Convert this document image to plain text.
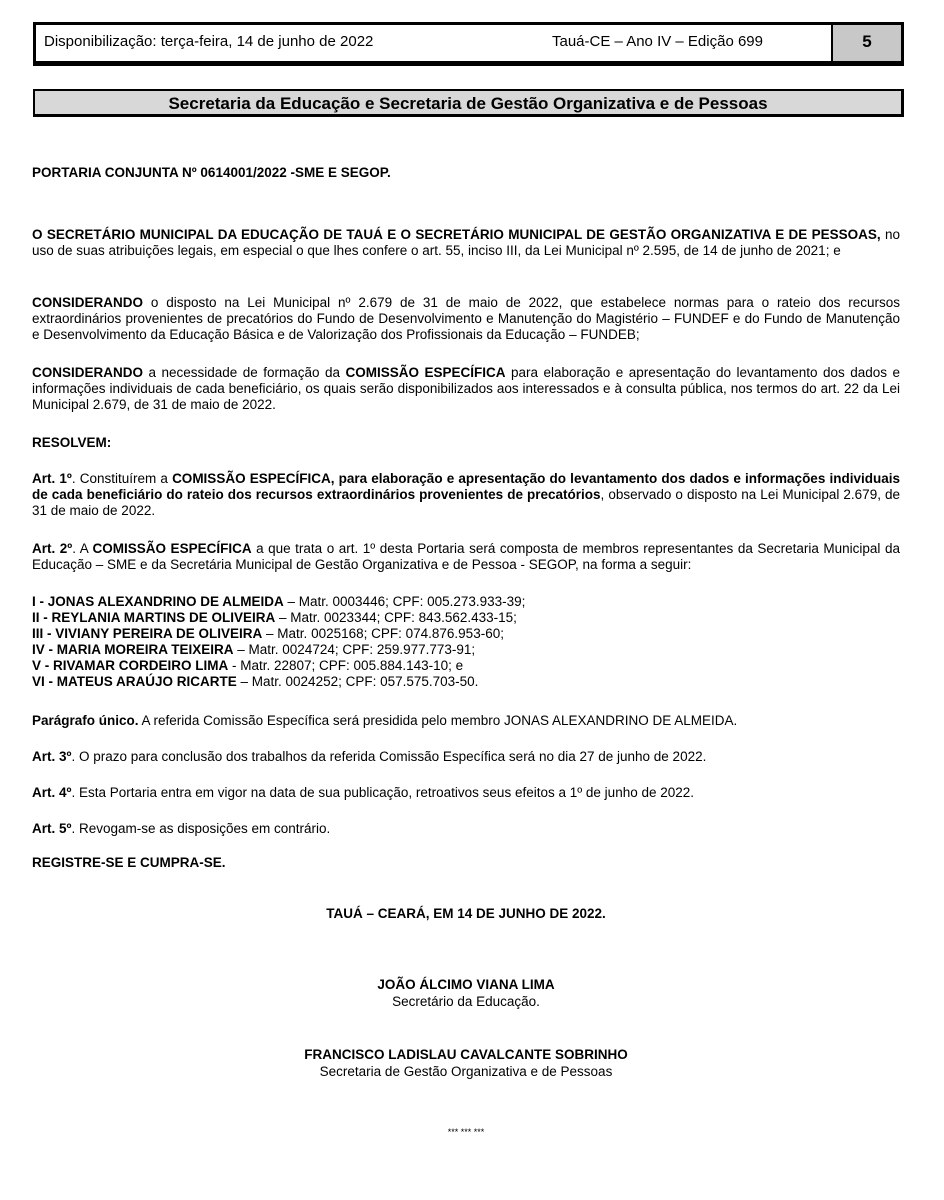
Disponibilização: terça-feira, 14 de junho de 2022	Tauá-CE – Ano IV – Edição 699	5
Secretaria da Educação e Secretaria de Gestão Organizativa e de Pessoas

PORTARIA CONJUNTA Nº 0614001/2022 -SME E SEGOP.

O SECRETÁRIO MUNICIPAL DA EDUCAÇÃO DE TAUÁ E O SECRETÁRIO MUNICIPAL DE GESTÃO ORGANIZATIVA E DE PESSOAS, no uso de suas atribuições legais, em especial o que lhes confere o art. 55, inciso III, da Lei Municipal nº 2.595, de 14 de junho de 2021; e

CONSIDERANDO o disposto na Lei Municipal nº 2.679 de 31 de maio de 2022, que estabelece normas para o rateio dos recursos extraordinários provenientes de precatórios do Fundo de Desenvolvimento e Manutenção do Magistério – FUNDEF e do Fundo de Manutenção e Desenvolvimento da Educação Básica e de Valorização dos Profissionais da Educação – FUNDEB;

CONSIDERANDO a necessidade de formação da COMISSÃO ESPECÍFICA para elaboração e apresentação do levantamento dos dados e informações individuais de cada beneficiário, os quais serão disponibilizados aos interessados e à consulta pública, nos termos do art. 22 da Lei Municipal 2.679, de 31 de maio de 2022.

RESOLVEM:

Art. 1º. Constituírem a COMISSÃO ESPECÍFICA, para elaboração e apresentação do levantamento dos dados e informações individuais de cada beneficiário do rateio dos recursos extraordinários provenientes de precatórios, observado o disposto na Lei Municipal 2.679, de 31 de maio de 2022.

Art. 2º. A COMISSÃO ESPECÍFICA a que trata o art. 1º desta Portaria será composta de membros representantes da Secretaria Municipal da Educação – SME e da Secretária Municipal de Gestão Organizativa e de Pessoa - SEGOP, na forma a seguir:

I - JONAS ALEXANDRINO DE ALMEIDA – Matr. 0003446; CPF: 005.273.933-39;
II - REYLANIA MARTINS DE OLIVEIRA – Matr. 0023344; CPF: 843.562.433-15;
III - VIVIANY PEREIRA DE OLIVEIRA – Matr. 0025168; CPF: 074.876.953-60;
IV - MARIA MOREIRA TEIXEIRA – Matr. 0024724; CPF: 259.977.773-91;
V - RIVAMAR CORDEIRO LIMA - Matr. 22807; CPF: 005.884.143-10; e
VI - MATEUS ARAÚJO RICARTE – Matr. 0024252; CPF: 057.575.703-50.

Parágrafo único. A referida Comissão Específica será presidida pelo membro JONAS ALEXANDRINO DE ALMEIDA.

Art. 3º. O prazo para conclusão dos trabalhos da referida Comissão Específica será no dia 27 de junho de 2022.

Art. 4º. Esta Portaria entra em vigor na data de sua publicação, retroativos seus efeitos a 1º de junho de 2022.

Art. 5º. Revogam-se as disposições em contrário.

REGISTRE-SE E CUMPRA-SE.

TAUÁ – CEARÁ, EM 14 DE JUNHO DE 2022.
JOÃO ÁLCIMO VIANA LIMA
Secretário da Educação.
FRANCISCO LADISLAU CAVALCANTE SOBRINHO
Secretaria de Gestão Organizativa e de Pessoas
*** *** ***
